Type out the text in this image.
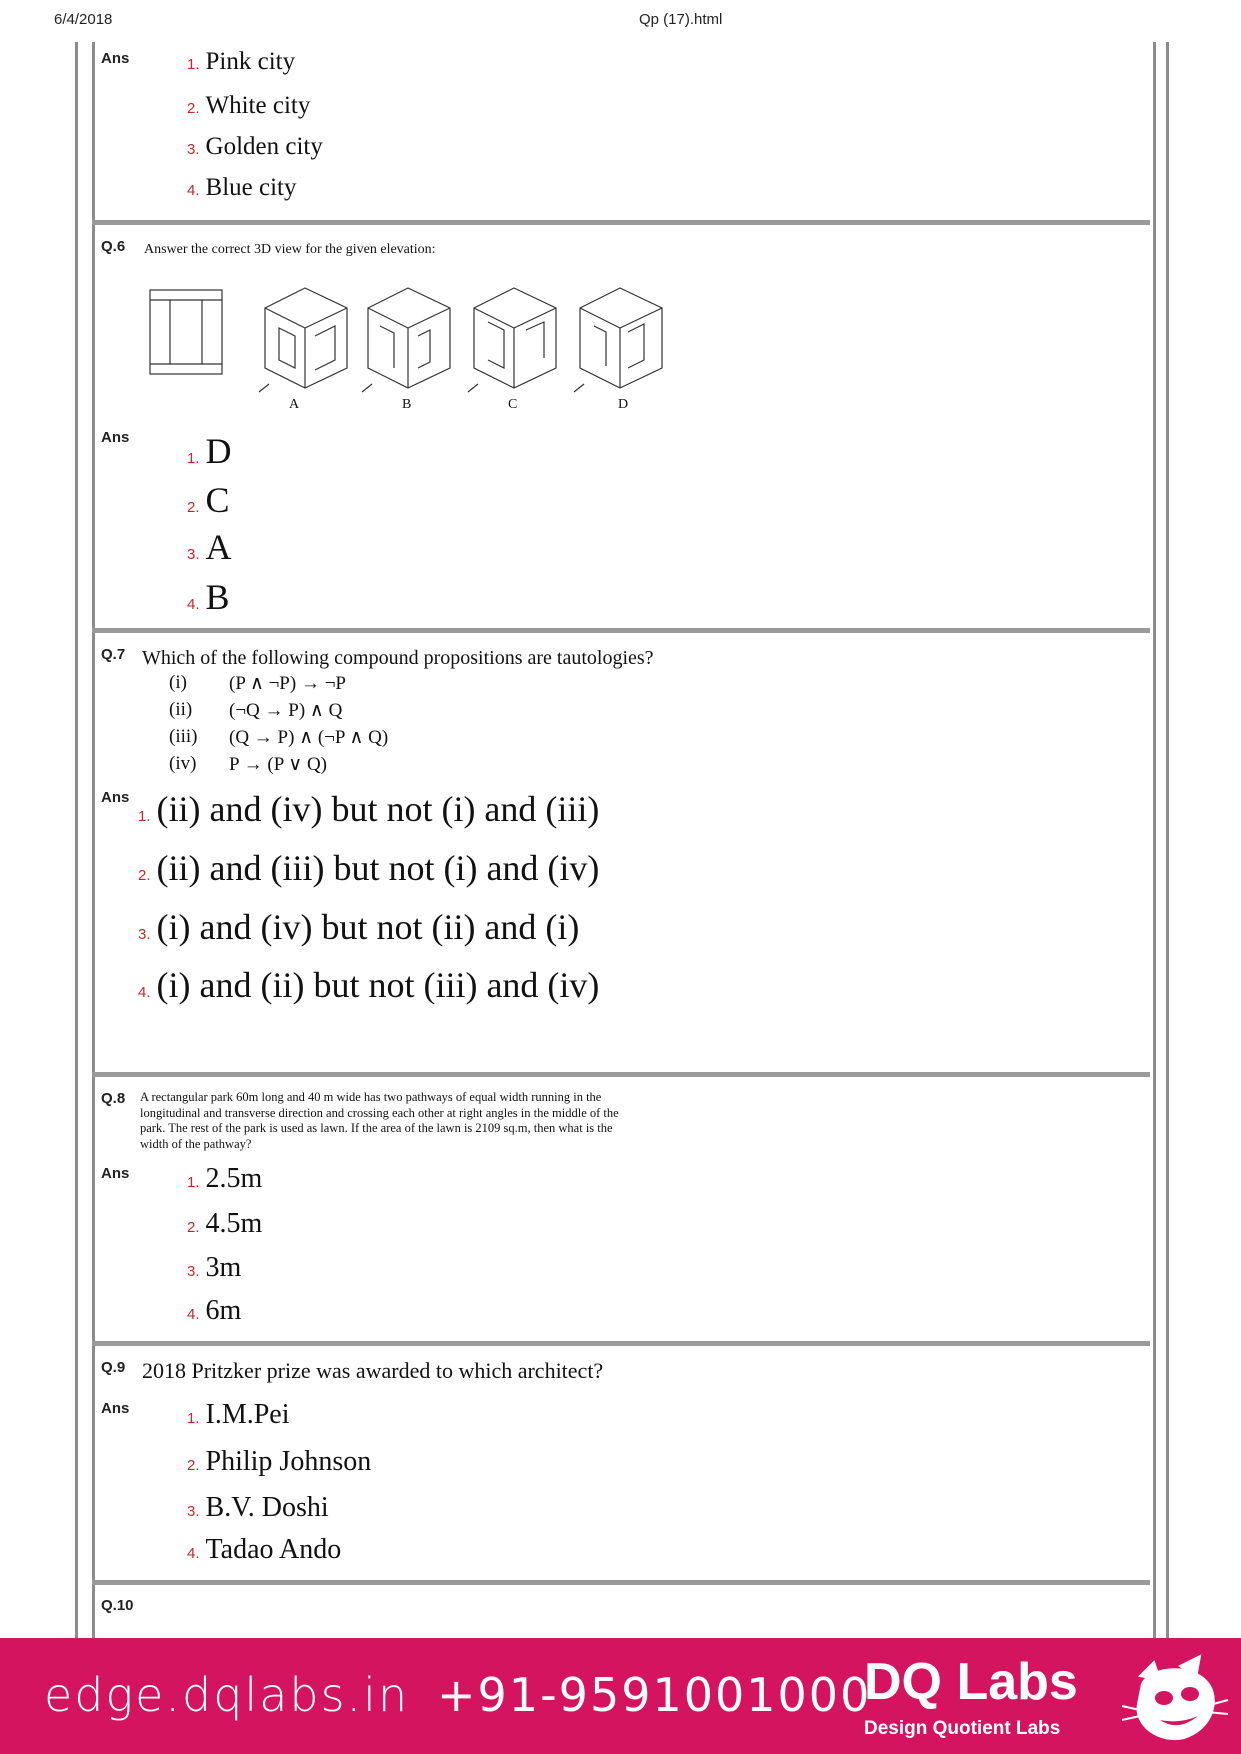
6/4/2018	Qp (17).html
Ans	1. Pink city
2. White city
3. Golden city
4. Blue city
Q.6 Answer the correct 3D view for the given elevation:
A	B	C	D
Ans
1. D
2. C
3. A
4. B
Q.7 Which of the following compound propositions are tautologies?
(i) (P ∧ ¬P) → ¬P
(ii) (¬Q → P) ∧ Q
(iii) (Q → P) ∧ (¬P ∧ Q)
(iv) P → (P ∨ Q)
Ans
1. (ii) and (iv) but not (i) and (iii)
2. (ii) and (iii) but not (i) and (iv)
3. (i) and (iv) but not (ii) and (i)
4. (i) and (ii) but not (iii) and (iv)
Q.8 A rectangular park 60m long and 40 m wide has two pathways of equal width running in the
longitudinal and transverse direction and crossing each other at right angles in the middle of the
park. The rest of the park is used as lawn. If the area of the lawn is 2109 sq.m, then what is the
width of the pathway?
Ans
1. 2.5m
2. 4.5m
3. 3m
4. 6m
Q.9 2018 Pritzker prize was awarded to which architect?
Ans
1. I.M.Pei
2. Philip Johnson
3. B.V. Doshi
4. Tadao Ando
Q.10
edge.dqlabs.in +91-9591001000
DQ Labs
Design Quotient Labs
